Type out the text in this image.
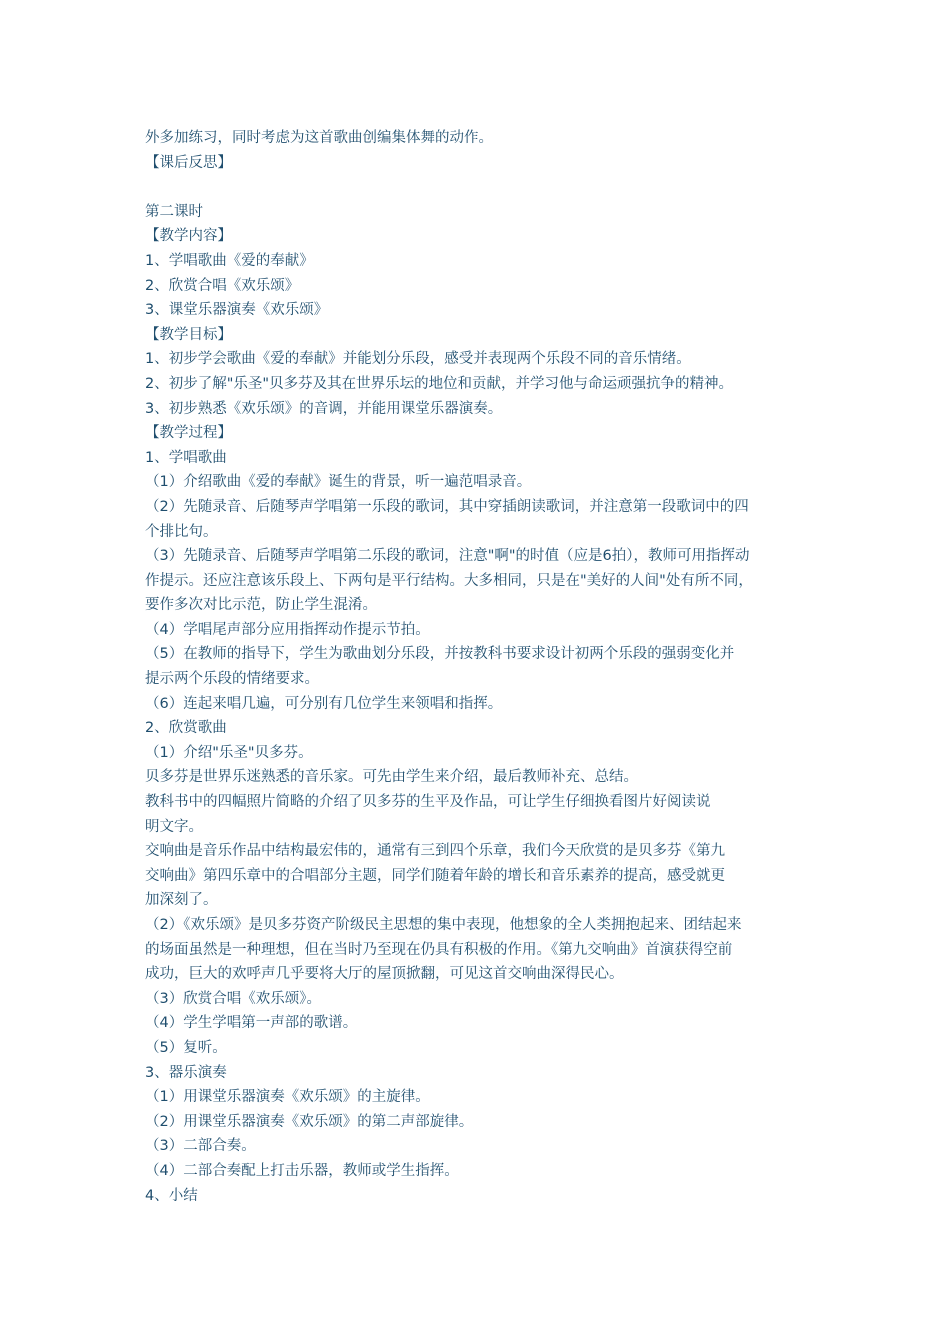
外多加练习，同时考虑为这首歌曲创编集体舞的动作。
【课后反思】
第二课时
【教学内容】
1、学唱歌曲《爱的奉献》
2、欣赏合唱《欢乐颂》
3、课堂乐器演奏《欢乐颂》
【教学目标】
1、初步学会歌曲《爱的奉献》并能划分乐段，感受并表现两个乐段不同的音乐情绪。
2、初步了解"乐圣"贝多芬及其在世界乐坛的地位和贡献，并学习他与命运顽强抗争的精神。
3、初步熟悉《欢乐颂》的音调，并能用课堂乐器演奏。
【教学过程】
1、学唱歌曲
（1）介绍歌曲《爱的奉献》诞生的背景，听一遍范唱录音。
（2）先随录音、后随琴声学唱第一乐段的歌词，其中穿插朗读歌词，并注意第一段歌词中的四
个排比句。
（3）先随录音、后随琴声学唱第二乐段的歌词，注意"啊"的时值（应是6拍），教师可用指挥动
作提示。还应注意该乐段上、下两句是平行结构。大多相同，只是在"美好的人间"处有所不同，
要作多次对比示范，防止学生混淆。
（4）学唱尾声部分应用指挥动作提示节拍。
（5）在教师的指导下，学生为歌曲划分乐段，并按教科书要求设计初两个乐段的强弱变化并
提示两个乐段的情绪要求。
（6）连起来唱几遍，可分别有几位学生来领唱和指挥。
2、欣赏歌曲
（1）介绍"乐圣"贝多芬。
贝多芬是世界乐迷熟悉的音乐家。可先由学生来介绍，最后教师补充、总结。
教科书中的四幅照片简略的介绍了贝多芬的生平及作品，可让学生仔细换看图片好阅读说
明文字。
交响曲是音乐作品中结构最宏伟的，通常有三到四个乐章，我们今天欣赏的是贝多芬《第九
交响曲》第四乐章中的合唱部分主题，同学们随着年龄的增长和音乐素养的提高，感受就更
加深刻了。
（2）《欢乐颂》是贝多芬资产阶级民主思想的集中表现，他想象的全人类拥抱起来、团结起来
的场面虽然是一种理想，但在当时乃至现在仍具有积极的作用。《第九交响曲》首演获得空前
成功，巨大的欢呼声几乎要将大厅的屋顶掀翻，可见这首交响曲深得民心。
（3）欣赏合唱《欢乐颂》。
（4）学生学唱第一声部的歌谱。
（5）复听。
3、器乐演奏
（1）用课堂乐器演奏《欢乐颂》的主旋律。
（2）用课堂乐器演奏《欢乐颂》的第二声部旋律。
（3）二部合奏。
（4）二部合奏配上打击乐器，教师或学生指挥。
4、小结
